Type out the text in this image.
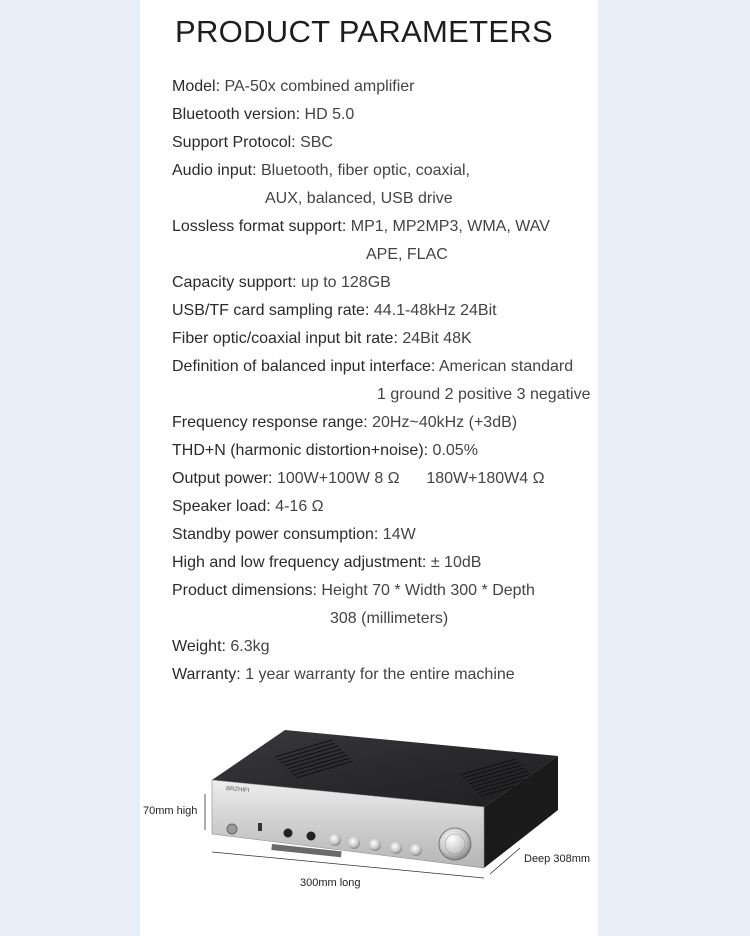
PRODUCT PARAMETERS
Model: PA-50x combined amplifier
Bluetooth version: HD 5.0
Support Protocol: SBC
Audio input: Bluetooth, fiber optic, coaxial,
AUX, balanced, USB drive
Lossless format support: MP1, MP2MP3, WMA, WAV
APE, FLAC
Capacity support: up to 128GB
USB/TF card sampling rate: 44.1-48kHz 24Bit
Fiber optic/coaxial input bit rate: 24Bit 48K
Definition of balanced input interface: American standard
1 ground 2 positive 3 negative
Frequency response range: 20Hz~40kHz (+3dB)
THD+N (harmonic distortion+noise): 0.05%
Output power: 100W+100W 8 Ω      180W+180W4 Ω
Speaker load: 4-16 Ω
Standby power consumption: 14W
High and low frequency adjustment: ± 10dB
Product dimensions: Height 70 * Width 300 * Depth
308 (millimeters)
Weight: 6.3kg
Warranty: 1 year warranty for the entire machine
BRZHIFI
70mm high
300mm long
Deep 308mm
